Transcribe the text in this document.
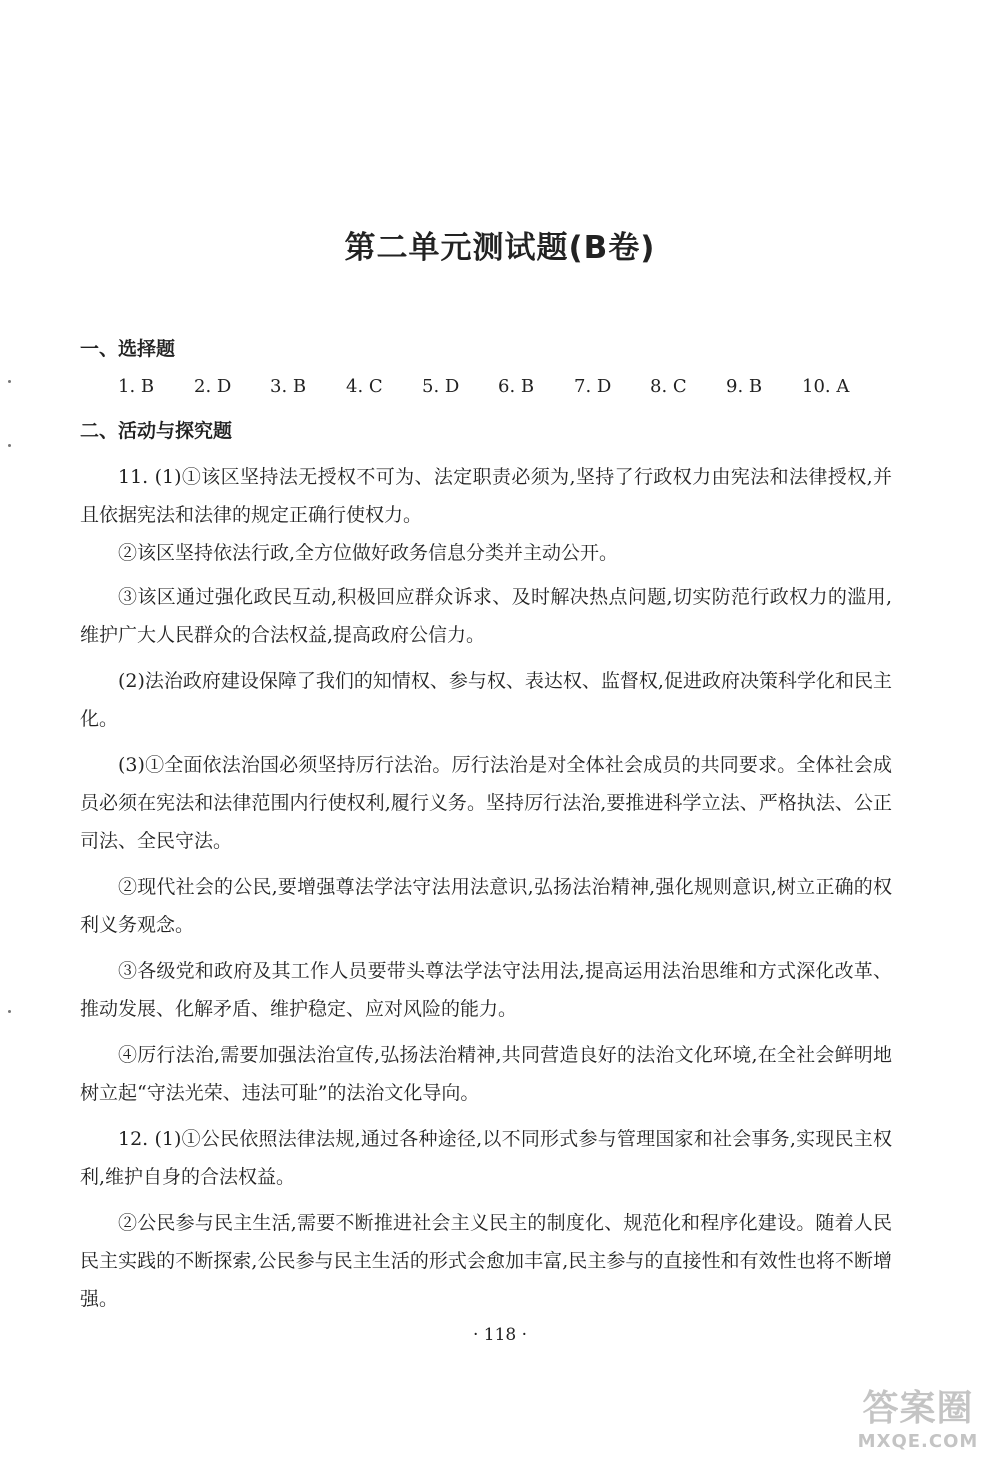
第二单元测试题(B卷)
一、选择题
1. B	2. D	3. B	4. C	5. D	6. B	7. D	8. C	9. B	10. A
二、活动与探究题

11. (1)①该区坚持法无授权不可为、法定职责必须为,坚持了行政权力由宪法和法律授权,并且依据宪法和法律的规定正确行使权力。

②该区坚持依法行政,全方位做好政务信息分类并主动公开。

③该区通过强化政民互动,积极回应群众诉求、及时解决热点问题,切实防范行政权力的滥用,维护广大人民群众的合法权益,提高政府公信力。

(2)法治政府建设保障了我们的知情权、参与权、表达权、监督权,促进政府决策科学化和民主化。

(3)①全面依法治国必须坚持厉行法治。厉行法治是对全体社会成员的共同要求。全体社会成员必须在宪法和法律范围内行使权利,履行义务。坚持厉行法治,要推进科学立法、严格执法、公正司法、全民守法。

②现代社会的公民,要增强尊法学法守法用法意识,弘扬法治精神,强化规则意识,树立正确的权利义务观念。

③各级党和政府及其工作人员要带头尊法学法守法用法,提高运用法治思维和方式深化改革、推动发展、化解矛盾、维护稳定、应对风险的能力。

④厉行法治,需要加强法治宣传,弘扬法治精神,共同营造良好的法治文化环境,在全社会鲜明地树立起“守法光荣、违法可耻”的法治文化导向。

12. (1)①公民依照法律法规,通过各种途径,以不同形式参与管理国家和社会事务,实现民主权利,维护自身的合法权益。

②公民参与民主生活,需要不断推进社会主义民主的制度化、规范化和程序化建设。随着人民民主实践的不断探索,公民参与民主生活的形式会愈加丰富,民主参与的直接性和有效性也将不断增强。

· 118 ·
答案圈
MXQE.COM
